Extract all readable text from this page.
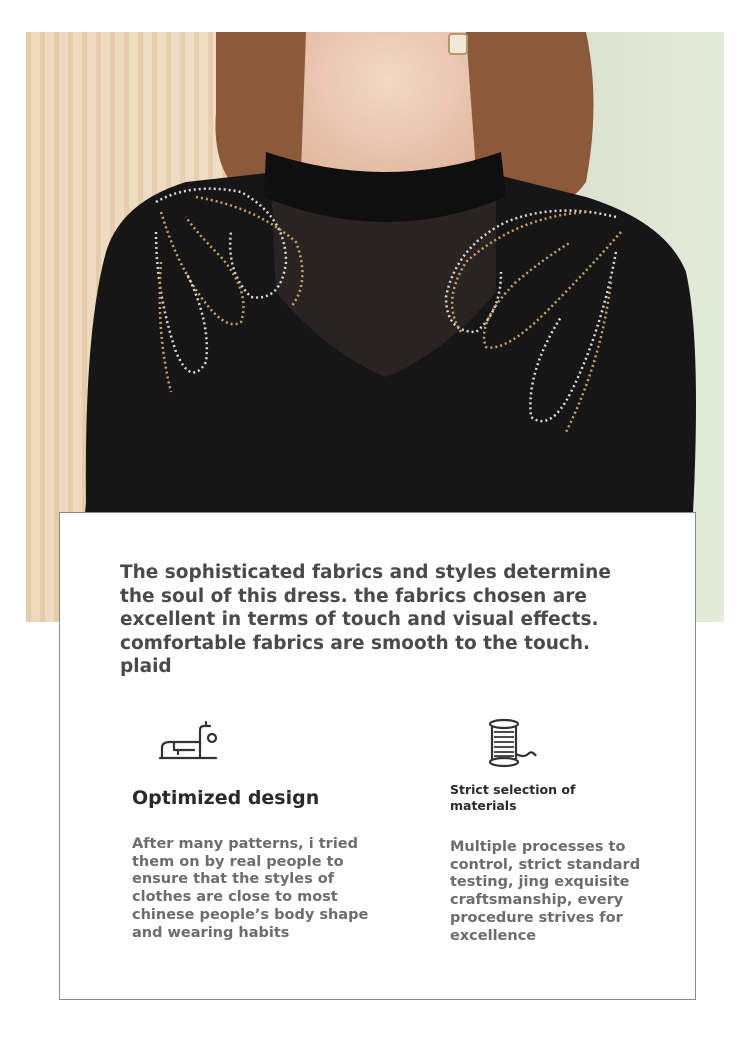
The sophisticated fabrics and styles determine the soul of this dress. the fabrics chosen are excellent in terms of touch and visual effects. comfortable fabrics are smooth to the touch. plaid

Optimized design

After many patterns, i tried them on by real people to ensure that the styles of clothes are close to most chinese people’s body shape and wearing habits

Strict selection of materials

Multiple processes to control, strict standard testing, jing exquisite craftsmanship, every procedure strives for excellence
